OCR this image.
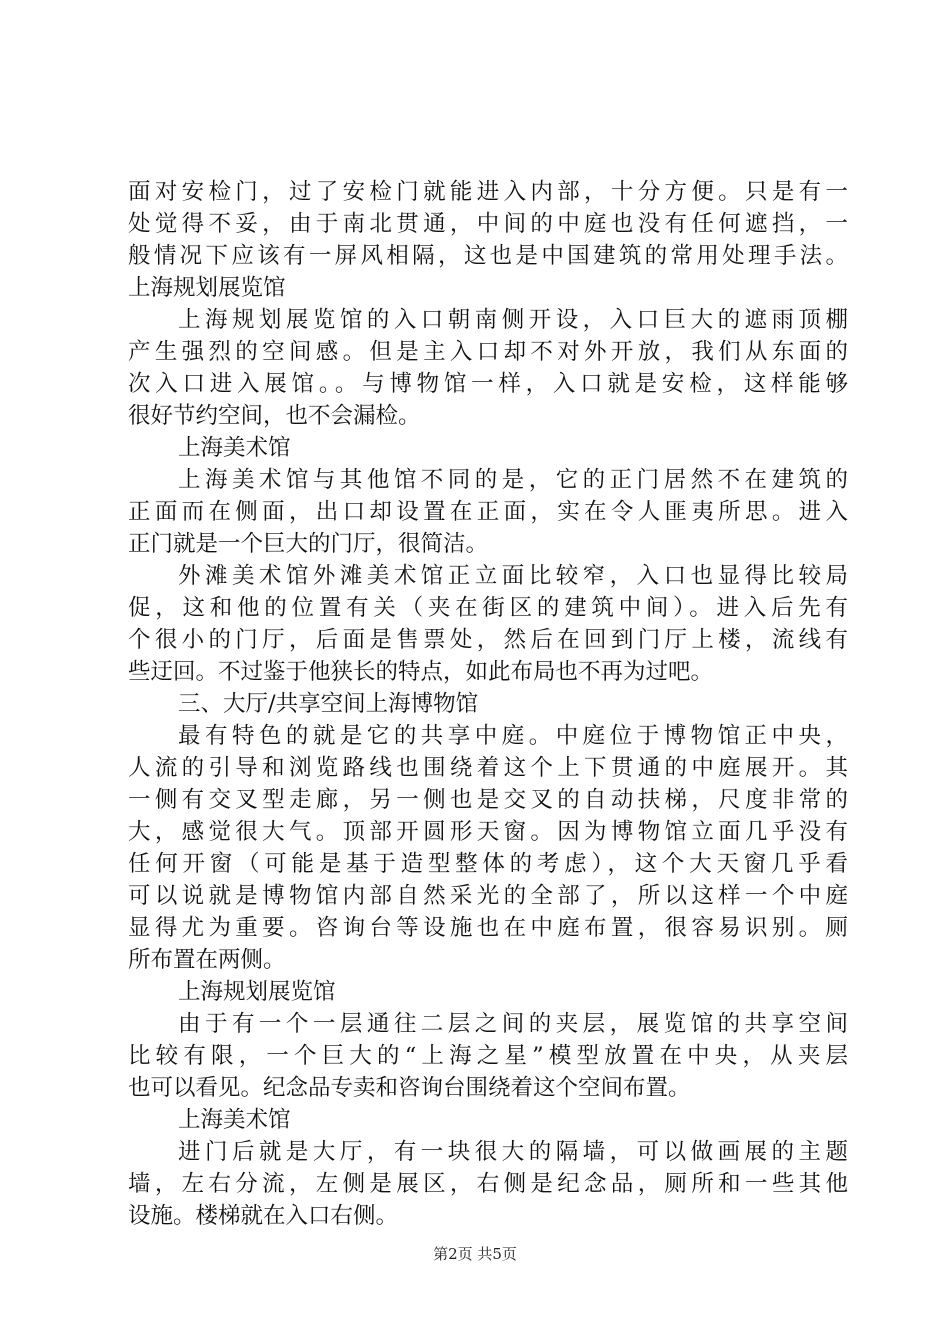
面对安检门，过了安检门就能进入内部，十分方便。只是有一
处觉得不妥，由于南北贯通，中间的中庭也没有任何遮挡，一
般情况下应该有一屏风相隔，这也是中国建筑的常用处理手法。
上海规划展览馆
上海规划展览馆的入口朝南侧开设，入口巨大的遮雨顶棚
产生强烈的空间感。但是主入口却不对外开放，我们从东面的
次入口进入展馆。。与博物馆一样，入口就是安检，这样能够
很好节约空间，也不会漏检。
上海美术馆
上海美术馆与其他馆不同的是，它的正门居然不在建筑的
正面而在侧面，出口却设置在正面，实在令人匪夷所思。进入
正门就是一个巨大的门厅，很简洁。
外滩美术馆外滩美术馆正立面比较窄，入口也显得比较局
促，这和他的位置有关（夹在街区的建筑中间）。进入后先有
个很小的门厅，后面是售票处，然后在回到门厅上楼，流线有
些迂回。不过鉴于他狭长的特点，如此布局也不再为过吧。
三、大厅/共享空间上海博物馆
最有特色的就是它的共享中庭。中庭位于博物馆正中央，
人流的引导和浏览路线也围绕着这个上下贯通的中庭展开。其
一侧有交叉型走廊，另一侧也是交叉的自动扶梯，尺度非常的
大，感觉很大气。顶部开圆形天窗。因为博物馆立面几乎没有
任何开窗（可能是基于造型整体的考虑），这个大天窗几乎看
可以说就是博物馆内部自然采光的全部了，所以这样一个中庭
显得尤为重要。咨询台等设施也在中庭布置，很容易识别。厕
所布置在两侧。
上海规划展览馆
由于有一个一层通往二层之间的夹层，展览馆的共享空间
比较有限，一个巨大的“上海之星”模型放置在中央，从夹层
也可以看见。纪念品专卖和咨询台围绕着这个空间布置。
上海美术馆
进门后就是大厅，有一块很大的隔墙，可以做画展的主题
墙，左右分流，左侧是展区，右侧是纪念品，厕所和一些其他
设施。楼梯就在入口右侧。
第2页 共5页
